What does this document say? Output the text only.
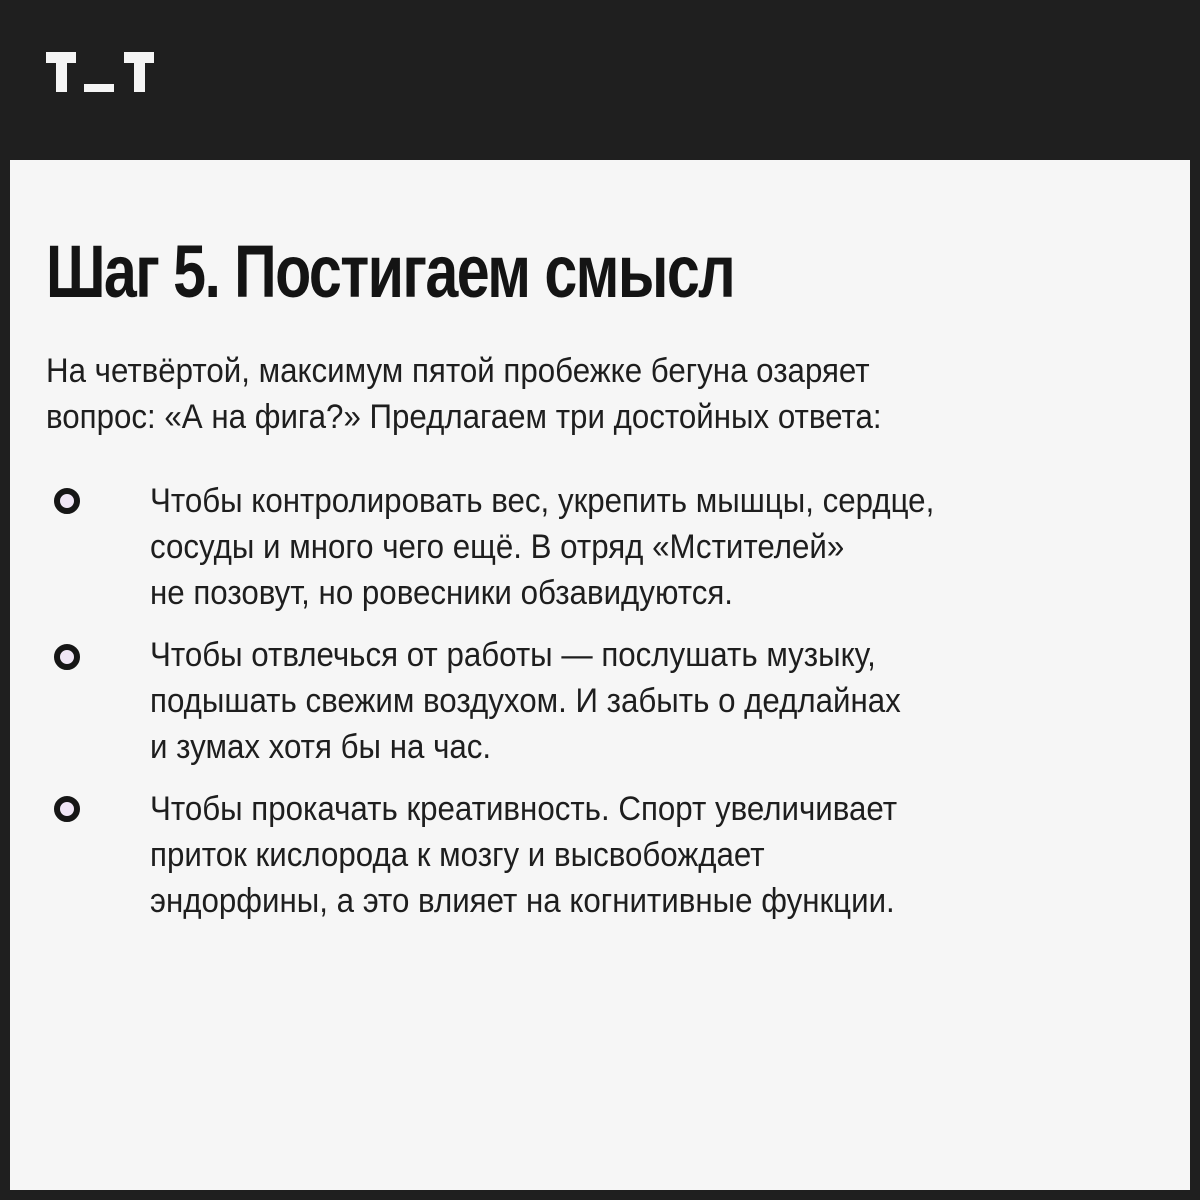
Шаг 5. Постигаем смысл

На четвёртой, максимум пятой пробежке бегуна озаряет
вопрос: «А на фига?» Предлагаем три достойных ответа:

Чтобы контролировать вес, укрепить мышцы, сердце,
сосуды и много чего ещё. В отряд «Мстителей»
не позовут, но ровесники обзавидуются.
Чтобы отвлечься от работы — послушать музыку,
подышать свежим воздухом. И забыть о дедлайнах
и зумах хотя бы на час.
Чтобы прокачать креативность. Спорт увеличивает
приток кислорода к мозгу и высвобождает
эндорфины, а это влияет на когнитивные функции.
